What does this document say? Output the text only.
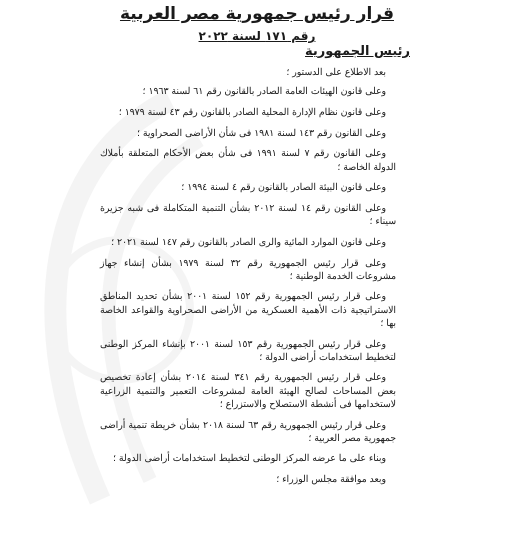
قرار رئيس جمهورية مصر العربية
رقم ١٧١ لسنة ٢٠٢٢
رئيس الجمهورية

بعد الاطلاع على الدستور ؛

وعلى قانون الهيئات العامة الصادر بالقانون رقم ٦١ لسنة ١٩٦٣ ؛

وعلى قانون نظام الإدارة المحلية الصادر بالقانون رقم ٤٣ لسنة ١٩٧٩ ؛

وعلى القانون رقم ١٤٣ لسنة ١٩٨١ فى شأن الأراضى الصحراوية ؛

وعلى القانون رقم ٧ لسنة ١٩٩١ فى شأن بعض الأحكام المتعلقة بأملاك الدولة الخاصة ؛

وعلى قانون البيئة الصادر بالقانون رقم ٤ لسنة ١٩٩٤ ؛

وعلى القانون رقم ١٤ لسنة ٢٠١٢ بشأن التنمية المتكاملة فى شبه جزيرة سيناء ؛

وعلى قانون الموارد المائية والرى الصادر بالقانون رقم ١٤٧ لسنة ٢٠٢١ ؛

وعلى قرار رئيس الجمهورية رقم ٣٢ لسنة ١٩٧٩ بشأن إنشاء جهاز مشروعات الخدمة الوطنية ؛

وعلى قرار رئيس الجمهورية رقم ١٥٢ لسنة ٢٠٠١ بشأن تحديد المناطق الاستراتيجية ذات الأهمية العسكرية من الأراضى الصحراوية والقواعد الخاصة بها ؛

وعلى قرار رئيس الجمهورية رقم ١٥٣ لسنة ٢٠٠١ بإنشاء المركز الوطنى لتخطيط استخدامات أراضى الدولة ؛

وعلى قرار رئيس الجمهورية رقم ٣٤١ لسنة ٢٠١٤ بشأن إعادة تخصيص بعض المساحات لصالح الهيئة العامة لمشروعات التعمير والتنمية الزراعية لاستخدامها فى أنشطة الاستصلاح والاستزراع ؛

وعلى قرار رئيس الجمهورية رقم ٦٣ لسنة ٢٠١٨ بشأن خريطة تنمية أراضى جمهورية مصر العربية ؛

وبناء على ما عرضه المركز الوطنى لتخطيط استخدامات أراضى الدولة ؛

وبعد موافقة مجلس الوزراء ؛
